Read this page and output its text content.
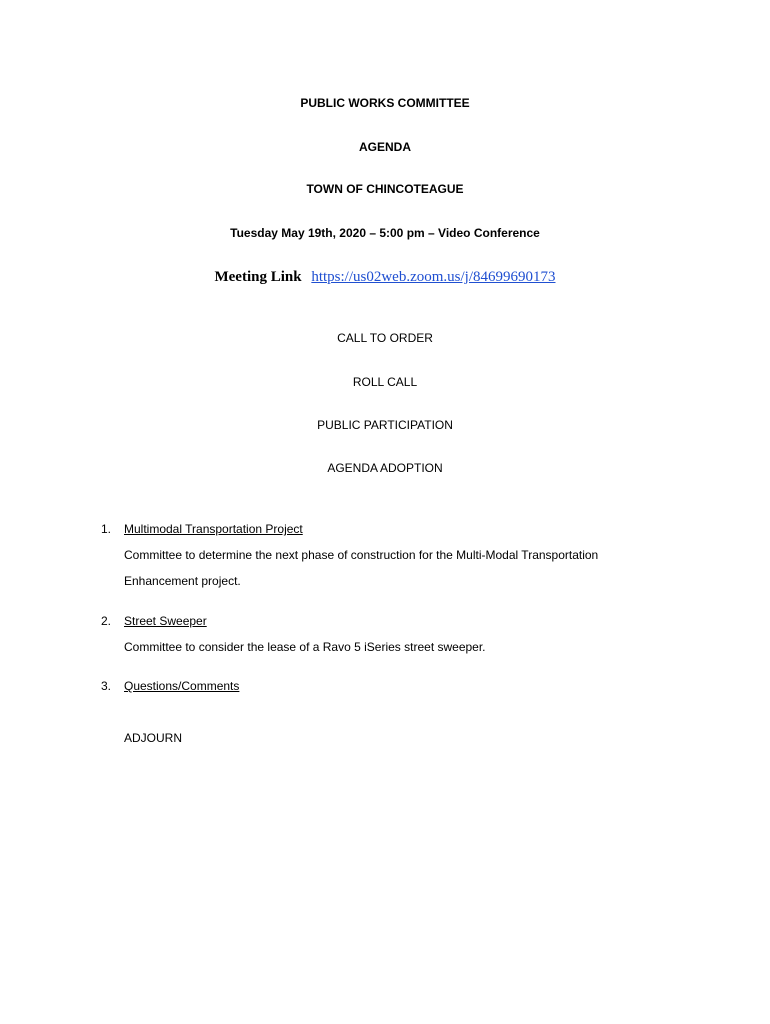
PUBLIC WORKS COMMITTEE
AGENDA
TOWN OF CHINCOTEAGUE
Tuesday May 19th, 2020 – 5:00 pm – Video Conference
Meeting Link https://us02web.zoom.us/j/84699690173
CALL TO ORDER
ROLL CALL
PUBLIC PARTICIPATION
AGENDA ADOPTION
1. Multimodal Transportation Project
Committee to determine the next phase of construction for the Multi-Modal Transportation
Enhancement project.
2. Street Sweeper
Committee to consider the lease of a Ravo 5 iSeries street sweeper.
3. Questions/Comments
ADJOURN
